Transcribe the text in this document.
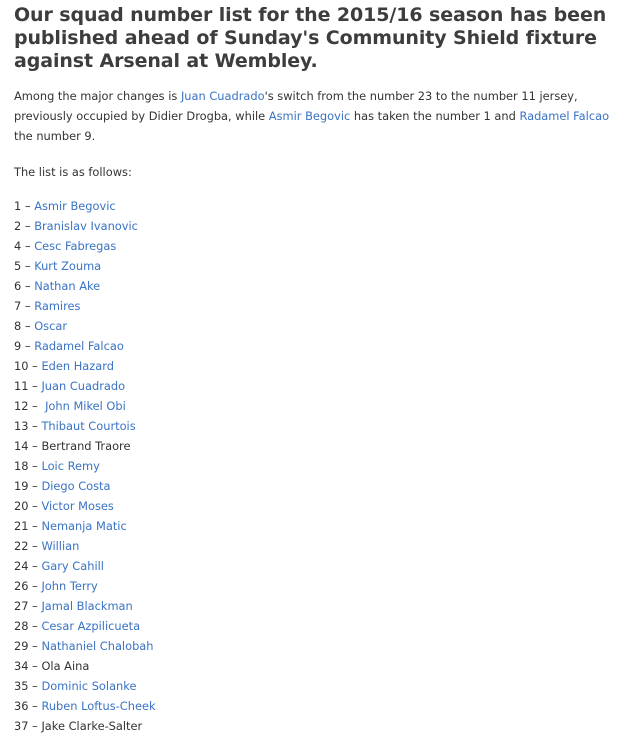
Our squad number list for the 2015/16 season has been published ahead of Sunday's Community Shield fixture against Arsenal at Wembley.

Among the major changes is Juan Cuadrado's switch from the number 23 to the number 11 jersey, previously occupied by Didier Drogba, while Asmir Begovic has taken the number 1 and Radamel Falcao the number 9.

The list is as follows:

1 – Asmir Begovic
2 – Branislav Ivanovic
4 – Cesc Fabregas
5 – Kurt Zouma
6 – Nathan Ake
7 – Ramires
8 – Oscar
9 – Radamel Falcao
10 – Eden Hazard
11 – Juan Cuadrado
12 –  John Mikel Obi
13 – Thibaut Courtois
14 – Bertrand Traore
18 – Loic Remy
19 – Diego Costa
20 – Victor Moses
21 – Nemanja Matic
22 – Willian
24 – Gary Cahill
26 – John Terry
27 – Jamal Blackman
28 – Cesar Azpilicueta
29 – Nathaniel Chalobah
34 – Ola Aina
35 – Dominic Solanke
36 – Ruben Loftus-Cheek
37 – Jake Clarke-Salter
